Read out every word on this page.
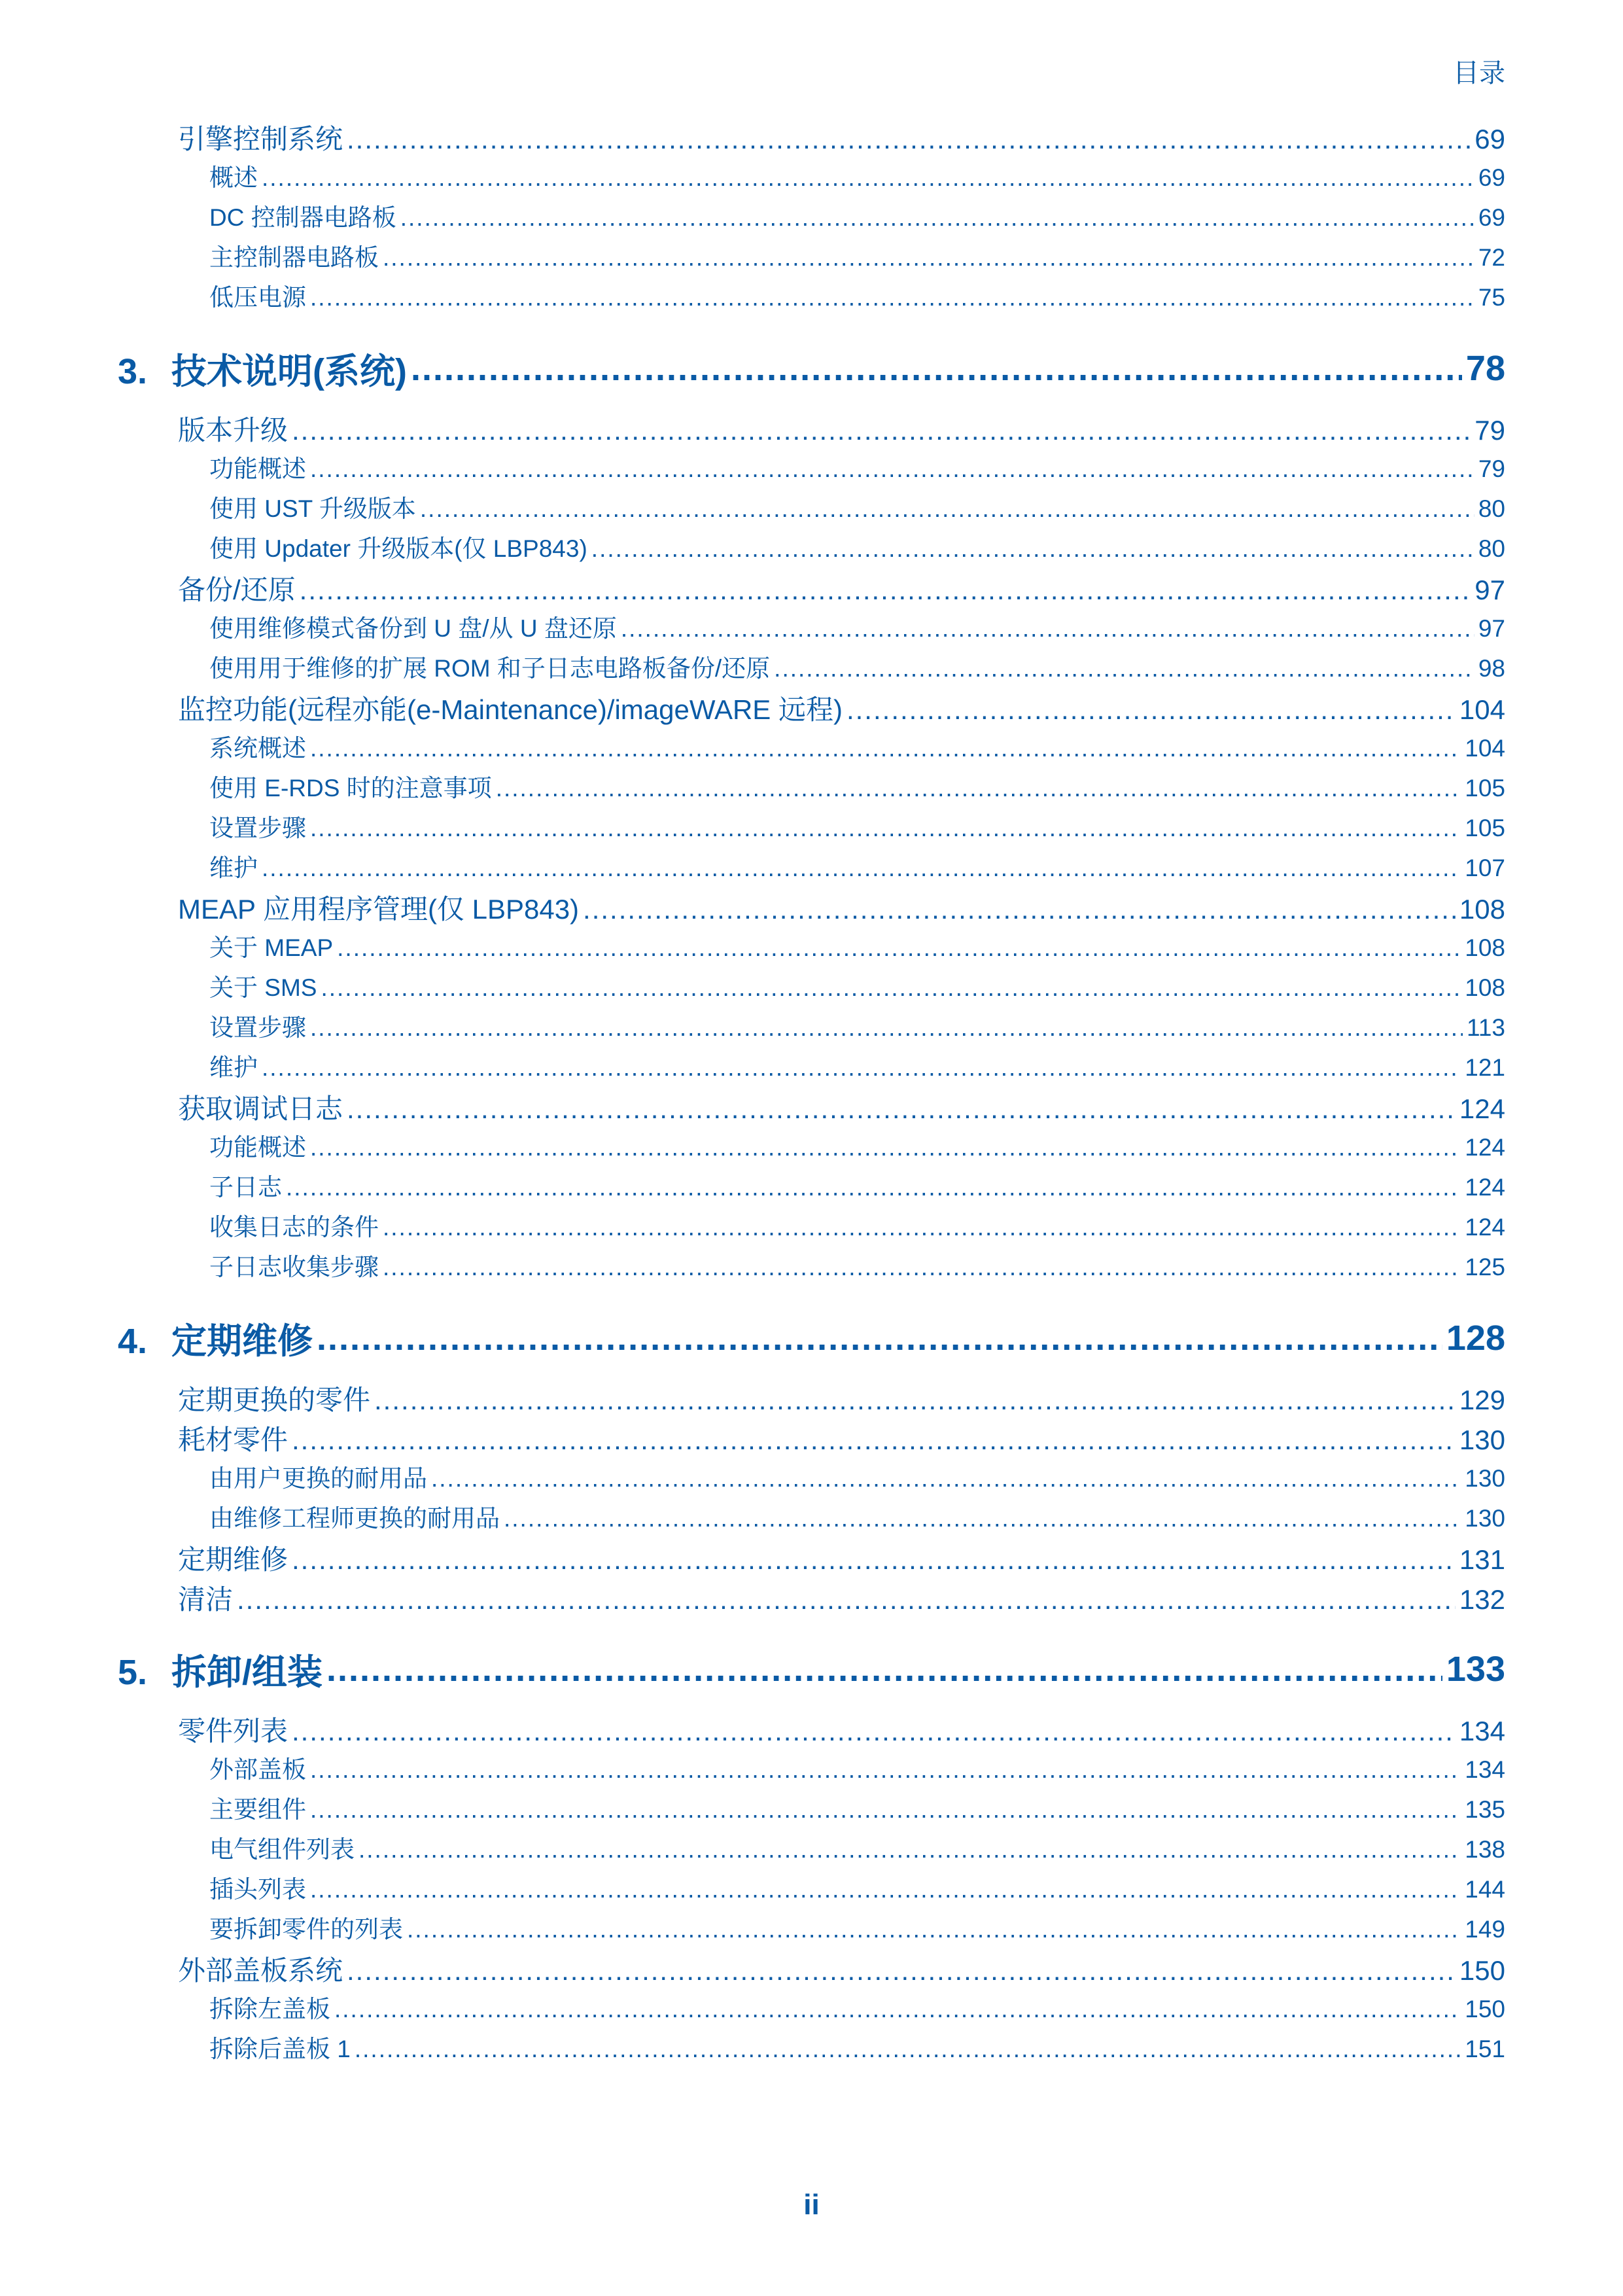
目录
引擎控制系统 .....	69
概述 .....	69
DC 控制器电路板 .....	69
主控制器电路板 .....	72
低压电源 .....	75
3. 技术说明(系统) .....	78
版本升级 .....	79
功能概述 .....	79
使用 UST 升级版本 .....	80
使用 Updater 升级版本(仅 LBP843) .....	80
备份/还原 .....	97
使用维修模式备份到 U 盘/从 U 盘还原 .....	97
使用用于维修的扩展 ROM 和子日志电路板备份/还原 .....	98
监控功能(远程亦能(e-Maintenance)/imageWARE 远程) .....	104
系统概述 .....	104
使用 E-RDS 时的注意事项 .....	105
设置步骤 .....	105
维护 .....	107
MEAP 应用程序管理(仅 LBP843) .....	108
关于 MEAP .....	108
关于 SMS .....	108
设置步骤 .....	113
维护 .....	121
获取调试日志 .....	124
功能概述 .....	124
子日志 .....	124
收集日志的条件 .....	124
子日志收集步骤 .....	125
4. 定期维修 .....	128
定期更换的零件 .....	129
耗材零件 .....	130
由用户更换的耐用品 .....	130
由维修工程师更换的耐用品 .....	130
定期维修 .....	131
清洁 .....	132
5. 拆卸/组装 .....	133
零件列表 .....	134
外部盖板 .....	134
主要组件 .....	135
电气组件列表 .....	138
插头列表 .....	144
要拆卸零件的列表 .....	149
外部盖板系统 .....	150
拆除左盖板 .....	150
拆除后盖板 1 .....	151
ii
